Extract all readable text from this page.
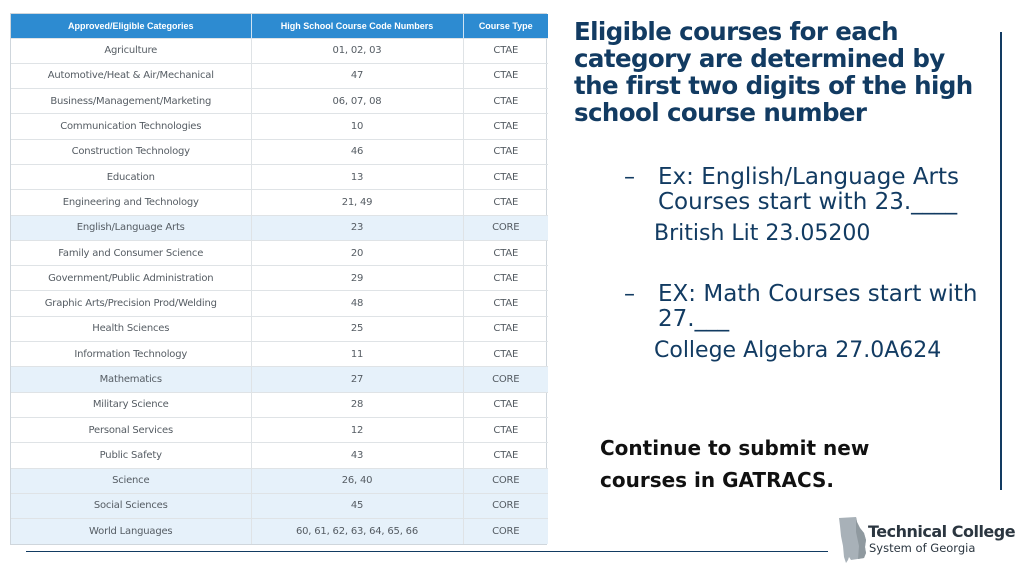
Approved/Eligible Categories	High School Course Code Numbers	Course Type
Agriculture	01, 02, 03	CTAE
Automotive/Heat & Air/Mechanical	47	CTAE
Business/Management/Marketing	06, 07, 08	CTAE
Communication Technologies	10	CTAE
Construction Technology	46	CTAE
Education	13	CTAE
Engineering and Technology	21, 49	CTAE
English/Language Arts	23	CORE
Family and Consumer Science	20	CTAE
Government/Public Administration	29	CTAE
Graphic Arts/Precision Prod/Welding	48	CTAE
Health Sciences	25	CTAE
Information Technology	11	CTAE
Mathematics	27	CORE
Military Science	28	CTAE
Personal Services	12	CTAE
Public Safety	43	CTAE
Science	26, 40	CORE
Social Sciences	45	CORE
World Languages	60, 61, 62, 63, 64, 65, 66	CORE
Eligible courses for each category are determined by the first two digits of the high school course number
– Ex: English/Language Arts Courses start with 23.____
British Lit 23.05200
– EX: Math Courses start with 27.___
College Algebra 27.0A624
Continue to submit new courses in GATRACS.
Technical College
System of Georgia
